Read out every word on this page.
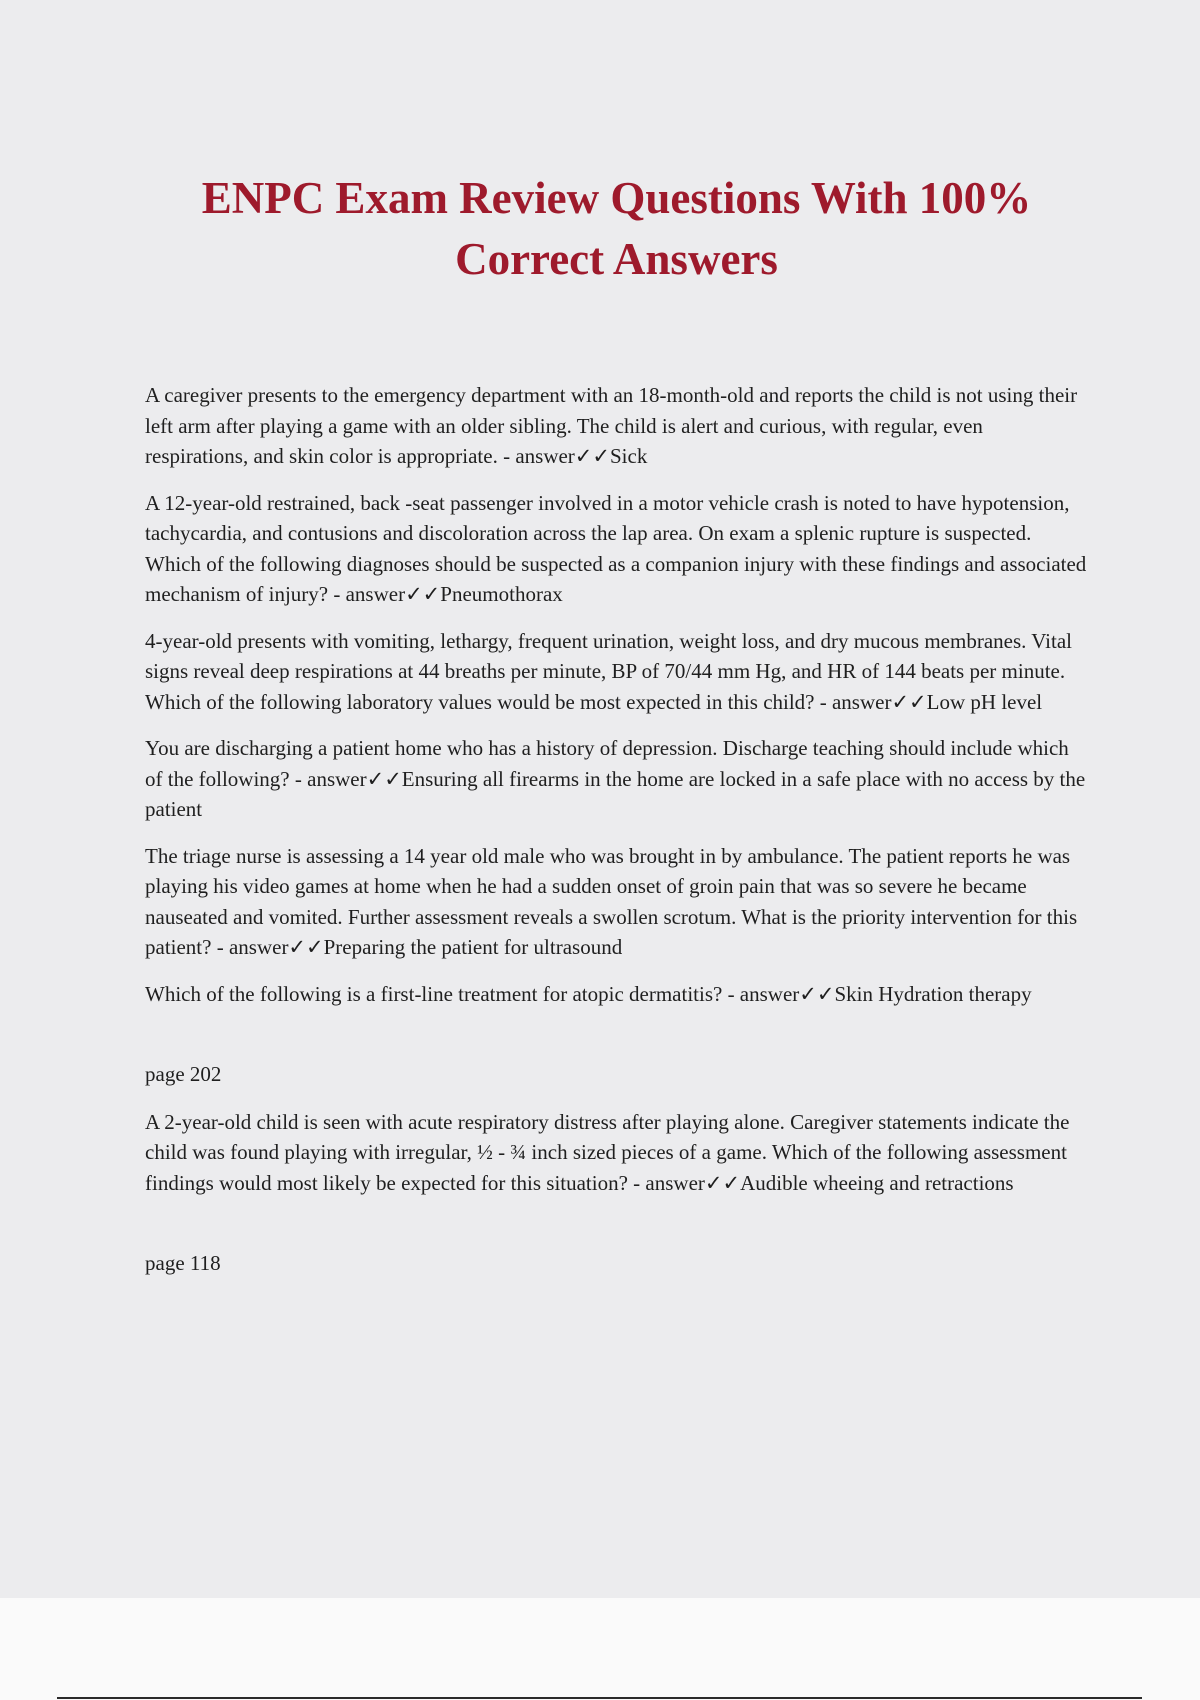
ENPC Exam Review Questions With 100%
Correct Answers

A caregiver presents to the emergency department with an 18-month-old and reports the child is not using their left arm after playing a game with an older sibling. The child is alert and curious, with regular, even respirations, and skin color is appropriate. - answer✓✓Sick

A 12-year-old restrained, back -seat passenger involved in a motor vehicle crash is noted to have hypotension, tachycardia, and contusions and discoloration across the lap area. On exam a splenic rupture is suspected. Which of the following diagnoses should be suspected as a companion injury with these findings and associated mechanism of injury? - answer✓✓Pneumothorax

4-year-old presents with vomiting, lethargy, frequent urination, weight loss, and dry mucous membranes. Vital signs reveal deep respirations at 44 breaths per minute, BP of 70/44 mm Hg, and HR of 144 beats per minute. Which of the following laboratory values would be most expected in this child? - answer✓✓Low pH level

You are discharging a patient home who has a history of depression. Discharge teaching should include which of the following? - answer✓✓Ensuring all firearms in the home are locked in a safe place with no access by the patient

The triage nurse is assessing a 14 year old male who was brought in by ambulance. The patient reports he was playing his video games at home when he had a sudden onset of groin pain that was so severe he became nauseated and vomited. Further assessment reveals a swollen scrotum. What is the priority intervention for this patient? - answer✓✓Preparing the patient for ultrasound

Which of the following is a first-line treatment for atopic dermatitis? - answer✓✓Skin Hydration therapy

page 202

A 2-year-old child is seen with acute respiratory distress after playing alone. Caregiver statements indicate the child was found playing with irregular, ½ - ¾ inch sized pieces of a game. Which of the following assessment findings would most likely be expected for this situation? - answer✓✓Audible wheeing and retractions

page 118
